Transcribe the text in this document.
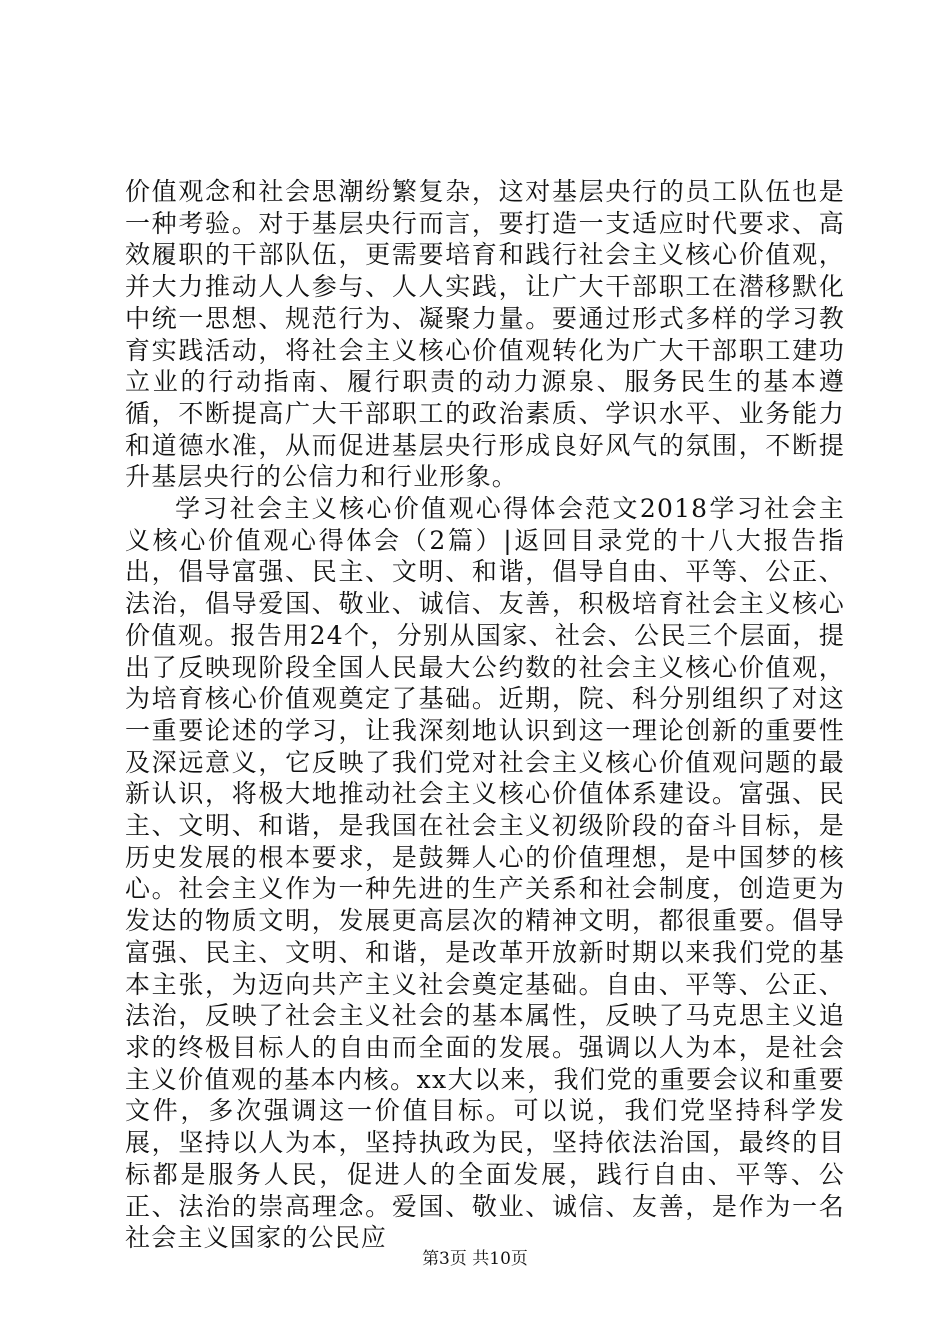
价值观念和社会思潮纷繁复杂，这对基层央行的员工队伍也是一种考验。对于基层央行而言，要打造一支适应时代要求、高效履职的干部队伍，更需要培育和践行社会主义核心价值观，并大力推动人人参与、人人实践，让广大干部职工在潜移默化中统一思想、规范行为、凝聚力量。要通过形式多样的学习教育实践活动，将社会主义核心价值观转化为广大干部职工建功立业的行动指南、履行职责的动力源泉、服务民生的基本遵循，不断提高广大干部职工的政治素质、学识水平、业务能力和道德水准，从而促进基层央行形成良好风气的氛围，不断提升基层央行的公信力和行业形象。

学习社会主义核心价值观心得体会范文2018学习社会主义核心价值观心得体会（2篇）|返回目录党的十八大报告指出，倡导富强、民主、文明、和谐，倡导自由、平等、公正、法治，倡导爱国、敬业、诚信、友善，积极培育社会主义核心价值观。报告用24个，分别从国家、社会、公民三个层面，提出了反映现阶段全国人民最大公约数的社会主义核心价值观，为培育核心价值观奠定了基础。近期，院、科分别组织了对这一重要论述的学习，让我深刻地认识到这一理论创新的重要性及深远意义，它反映了我们党对社会主义核心价值观问题的最新认识，将极大地推动社会主义核心价值体系建设。富强、民主、文明、和谐，是我国在社会主义初级阶段的奋斗目标，是历史发展的根本要求，是鼓舞人心的价值理想，是中国梦的核心。社会主义作为一种先进的生产关系和社会制度，创造更为发达的物质文明，发展更高层次的精神文明，都很重要。倡导富强、民主、文明、和谐，是改革开放新时期以来我们党的基本主张，为迈向共产主义社会奠定基础。自由、平等、公正、法治，反映了社会主义社会的基本属性，反映了马克思主义追求的终极目标人的自由而全面的发展。强调以人为本，是社会主义价值观的基本内核。xx大以来，我们党的重要会议和重要文件，多次强调这一价值目标。可以说，我们党坚持科学发展，坚持以人为本，坚持执政为民，坚持依法治国，最终的目标都是服务人民，促进人的全面发展，践行自由、平等、公正、法治的崇高理念。爱国、敬业、诚信、友善，是作为一名社会主义国家的公民应

第3页 共10页
